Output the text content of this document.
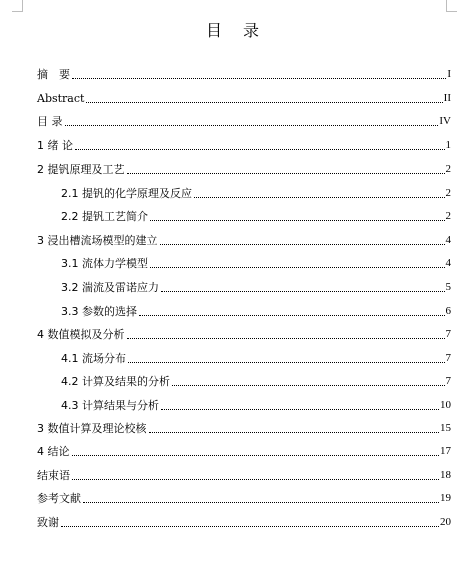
目 录
摘　要	I
Abstract	II
目 录	IV
1 绪 论	1
2 提钒原理及工艺	2
2.1 提钒的化学原理及反应	2
2.2 提钒工艺简介	2
3 浸出槽流场模型的建立	4
3.1 流体力学模型	4
3.2 湍流及雷诺应力	5
3.3 参数的选择	6
4 数值模拟及分析	7
4.1 流场分布	7
4.2 计算及结果的分析	7
4.3 计算结果与分析	10
3 数值计算及理论校核	15
4 结论	17
结束语	18
参考文献	19
致谢	20
